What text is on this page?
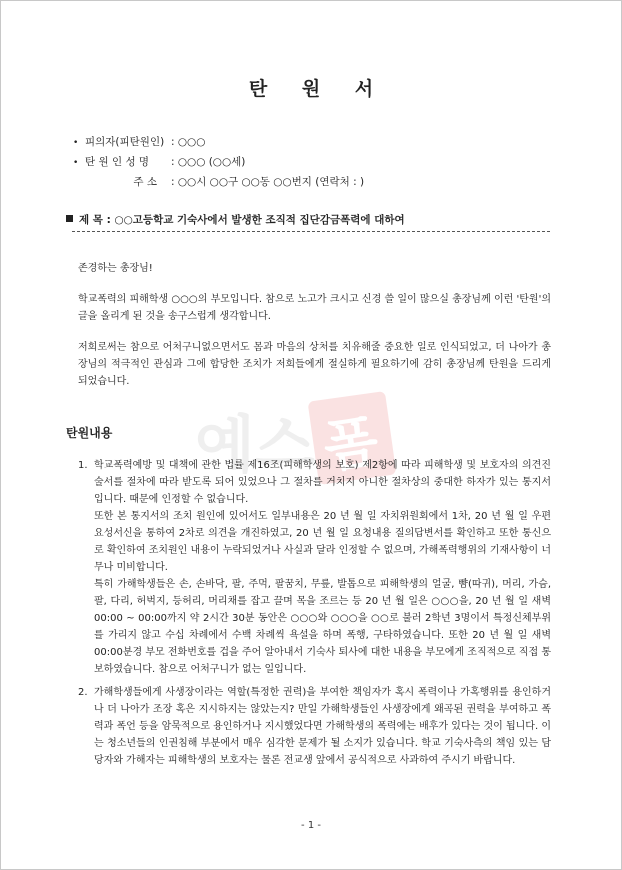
예스 폼
탄 원 서
• 피의자(피탄원인) : ○○○
• 탄 원 인 성 명 : ○○○ (○○세)
주 소 : ○○시 ○○구 ○○동 ○○번지 (연락처 : )
제 목 : ○○고등학교 기숙사에서 발생한 조직적 집단감금폭력에 대하여
존경하는 총장님!
학교폭력의 피해학생 ○○○의 부모입니다. 참으로 노고가 크시고 신경 쓸 일이 많으실 총장님께 이런 '탄원'의 글을 올리게 된 것을 송구스럽게 생각합니다.
저희로써는 참으로 어처구니없으면서도 몸과 마음의 상처를 치유해줄 중요한 일로 인식되었고, 더 나아가 총장님의 적극적인 관심과 그에 합당한 조치가 저희들에게 절실하게 필요하기에 감히 총장님께 탄원을 드리게 되었습니다.
탄원내용
1. 학교폭력예방 및 대책에 관한 법률 제16조(피해학생의 보호) 제2항에 따라 피해학생 및 보호자의 의견진술서를 절차에 따라 받도록 되어 있었으나 그 절차를 거치지 아니한 절차상의 중대한 하자가 있는 통지서입니다. 때문에 인정할 수 없습니다.

또한 본 통지서의 조치 원인에 있어서도 일부내용은 20 년 월 일 자치위원회에서 1차, 20 년 월 일 우편 요성서신을 통하여 2차로 의견을 개진하였고, 20 년 월 일 요청내용 질의답변서를 확인하고 또한 통신으로 확인하여 조치원인 내용이 누락되었거나 사실과 달라 인정할 수 없으며, 가해폭력행위의 기재사항이 너무나 미비합니다.

특히 가해학생들은 손, 손바닥, 팔, 주먹, 팔꿈치, 무릎, 발톱으로 피해학생의 얼굴, 뺨(따귀), 머리, 가슴, 팔, 다리, 허벅지, 등허리, 머리채를 잡고 끌며 목을 조르는 등 20 년 월 일은 ○○○을, 20 년 월 일 새벽 00:00 ~ 00:00까지 약 2시간 30분 동안은 ○○○와 ○○○을 ○○로 불러 2학년 3명이서 특정신체부위를 가리지 않고 수십 차례에서 수백 차례씩 욕설을 하며 폭행, 구타하였습니다. 또한 20 년 월 일 새벽 00:00분경 부모 전화번호를 겁을 주어 알아내서 기숙사 퇴사에 대한 내용을 부모에게 조직적으로 직접 통보하였습니다. 참으로 어처구니가 없는 일입니다.

2. 가해학생들에게 사생장이라는 역할(특정한 권력)을 부여한 책임자가 혹시 폭력이나 가혹행위를 용인하거나 더 나아가 조장 혹은 지시하지는 않았는지? 만일 가해학생들인 사생장에게 왜곡된 권력을 부여하고 폭력과 폭언 등을 암묵적으로 용인하거나 지시했었다면 가해학생의 폭력에는 배후가 있다는 것이 됩니다. 이는 청소년들의 인권침해 부분에서 매우 심각한 문제가 될 소지가 있습니다. 학교 기숙사측의 책임 있는 담당자와 가해자는 피해학생의 보호자는 물론 전교생 앞에서 공식적으로 사과하여 주시기 바랍니다.

- 1 -
